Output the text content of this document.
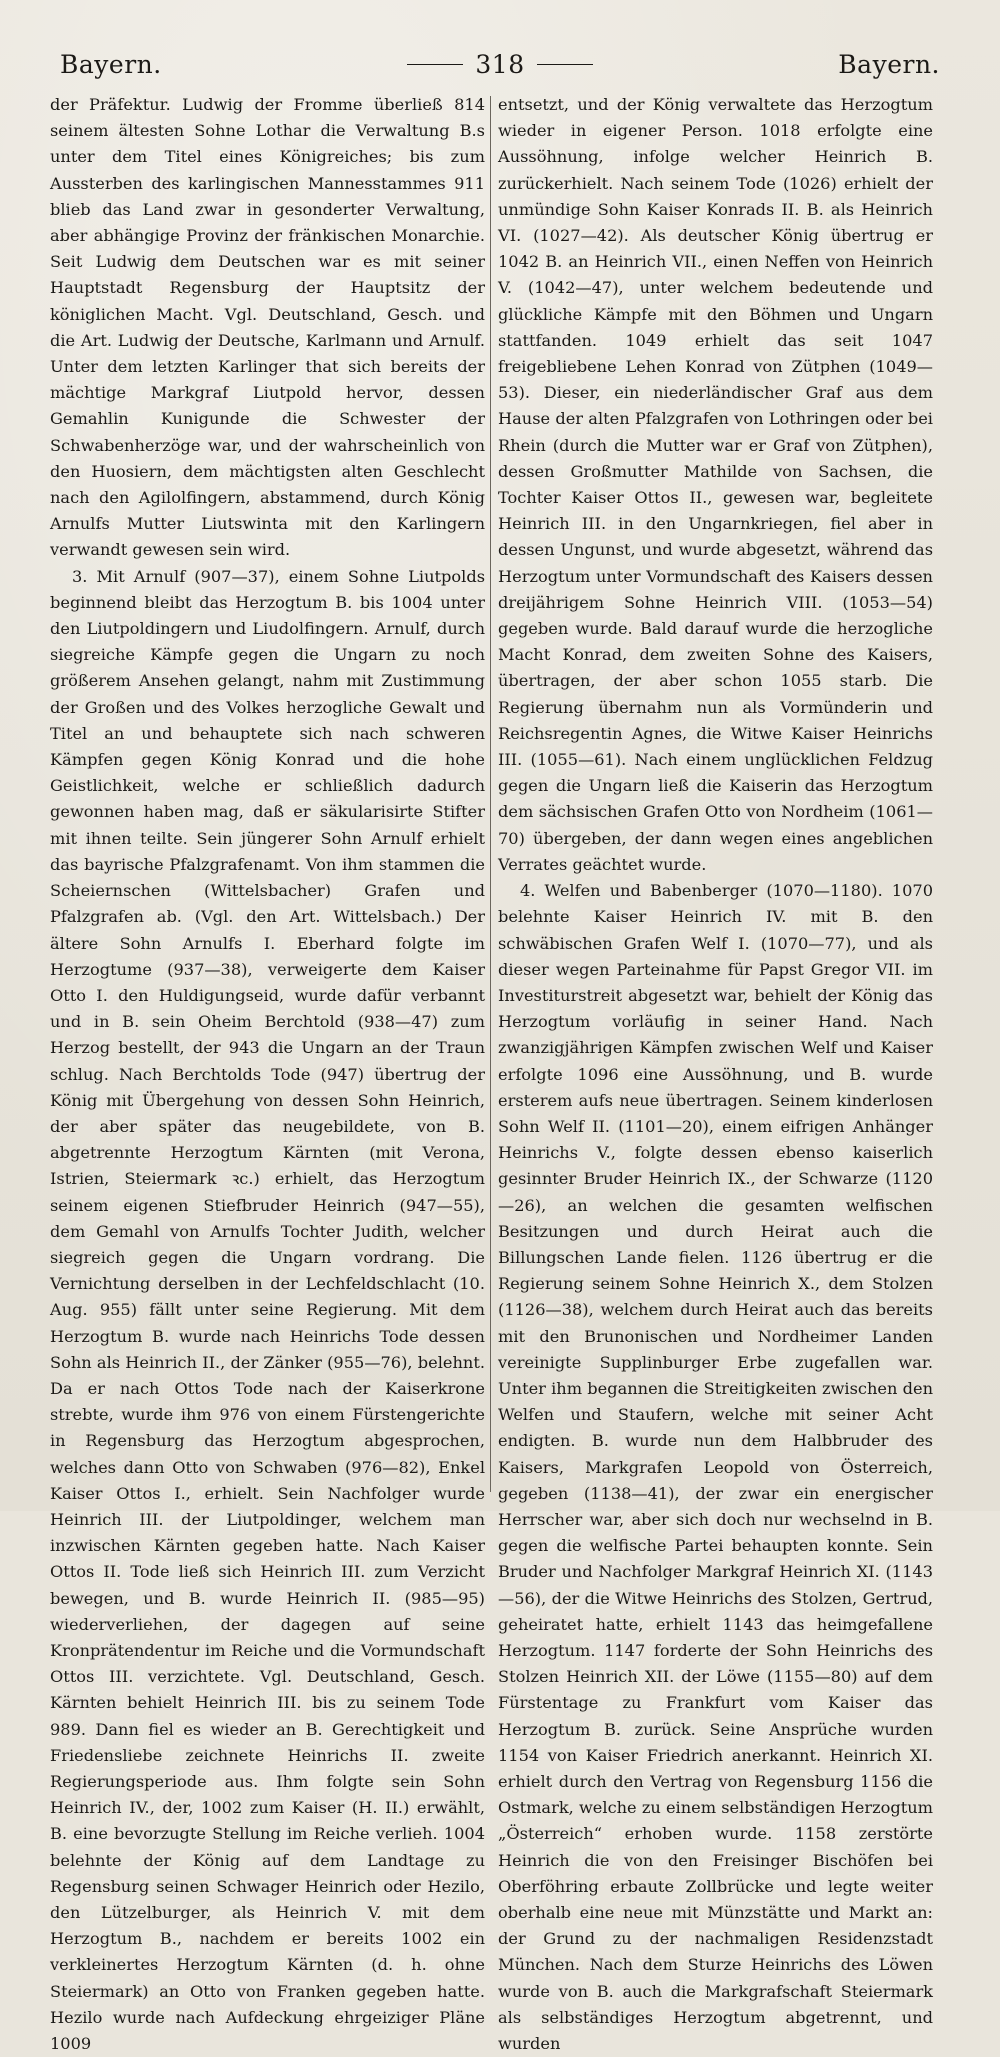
Bayern.	318	Bayern.

der Präfektur. Ludwig der Fromme überließ 814 seinem ältesten Sohne Lothar die Verwaltung B.s unter dem Titel eines Königreiches; bis zum Aussterben des karlingischen Mannesstammes 911 blieb das Land zwar in gesonderter Verwaltung, aber abhängige Provinz der fränkischen Monarchie. Seit Ludwig dem Deutschen war es mit seiner Hauptstadt Regensburg der Hauptsitz der königlichen Macht. Vgl. Deutschland, Gesch. und die Art. Ludwig der Deutsche, Karlmann und Arnulf. Unter dem letzten Karlinger that sich bereits der mächtige Markgraf Liutpold hervor, dessen Gemahlin Kunigunde die Schwester der Schwabenherzöge war, und der wahrscheinlich von den Huosiern, dem mächtigsten alten Geschlecht nach den Agilolfingern, abstammend, durch König Arnulfs Mutter Liutswinta mit den Karlingern verwandt gewesen sein wird.

3. Mit Arnulf (907—37), einem Sohne Liutpolds beginnend bleibt das Herzogtum B. bis 1004 unter den Liutpoldingern und Liudolfingern. Arnulf, durch siegreiche Kämpfe gegen die Ungarn zu noch größerem Ansehen gelangt, nahm mit Zustimmung der Großen und des Volkes herzogliche Gewalt und Titel an und behauptete sich nach schweren Kämpfen gegen König Konrad und die hohe Geistlichkeit, welche er schließlich dadurch gewonnen haben mag, daß er säkularisirte Stifter mit ihnen teilte. Sein jüngerer Sohn Arnulf erhielt das bayrische Pfalzgrafenamt. Von ihm stammen die Scheiernschen (Wittelsbacher) Grafen und Pfalzgrafen ab. (Vgl. den Art. Wittelsbach.) Der ältere Sohn Arnulfs I. Eberhard folgte im Herzogtume (937—38), verweigerte dem Kaiser Otto I. den Huldigungseid, wurde dafür verbannt und in B. sein Oheim Berchtold (938—47) zum Herzog bestellt, der 943 die Ungarn an der Traun schlug. Nach Berchtolds Tode (947) übertrug der König mit Übergehung von dessen Sohn Heinrich, der aber später das neugebildete, von B. abgetrennte Herzogtum Kärnten (mit Verona, Istrien, Steiermark ꝛc.) erhielt, das Herzogtum seinem eigenen Stiefbruder Heinrich (947—55), dem Gemahl von Arnulfs Tochter Judith, welcher siegreich gegen die Ungarn vordrang. Die Vernichtung derselben in der Lechfeldschlacht (10. Aug. 955) fällt unter seine Regierung. Mit dem Herzogtum B. wurde nach Heinrichs Tode dessen Sohn als Heinrich II., der Zänker (955—76), belehnt. Da er nach Ottos Tode nach der Kaiserkrone strebte, wurde ihm 976 von einem Fürstengerichte in Regensburg das Herzogtum abgesprochen, welches dann Otto von Schwaben (976—82), Enkel Kaiser Ottos I., erhielt. Sein Nachfolger wurde Heinrich III. der Liutpoldinger, welchem man inzwischen Kärnten gegeben hatte. Nach Kaiser Ottos II. Tode ließ sich Heinrich III. zum Verzicht bewegen, und B. wurde Heinrich II. (985—95) wiederverliehen, der dagegen auf seine Kronprätendentur im Reiche und die Vormundschaft Ottos III. verzichtete. Vgl. Deutschland, Gesch. Kärnten behielt Heinrich III. bis zu seinem Tode 989. Dann fiel es wieder an B. Gerechtigkeit und Friedensliebe zeichnete Heinrichs II. zweite Regierungsperiode aus. Ihm folgte sein Sohn Heinrich IV., der, 1002 zum Kaiser (H. II.) erwählt, B. eine bevorzugte Stellung im Reiche verlieh. 1004 belehnte der König auf dem Landtage zu Regensburg seinen Schwager Heinrich oder Hezilo, den Lützelburger, als Heinrich V. mit dem Herzogtum B., nachdem er bereits 1002 ein verkleinertes Herzogtum Kärnten (d. h. ohne Steiermark) an Otto von Franken gegeben hatte. Hezilo wurde nach Aufdeckung ehrgeiziger Pläne 1009

entsetzt, und der König verwaltete das Herzogtum wieder in eigener Person. 1018 erfolgte eine Aussöhnung, infolge welcher Heinrich B. zurückerhielt. Nach seinem Tode (1026) erhielt der unmündige Sohn Kaiser Konrads II. B. als Heinrich VI. (1027—42). Als deutscher König übertrug er 1042 B. an Heinrich VII., einen Neffen von Heinrich V. (1042—47), unter welchem bedeutende und glückliche Kämpfe mit den Böhmen und Ungarn stattfanden. 1049 erhielt das seit 1047 freigebliebene Lehen Konrad von Zütphen (1049—53). Dieser, ein niederländischer Graf aus dem Hause der alten Pfalzgrafen von Lothringen oder bei Rhein (durch die Mutter war er Graf von Zütphen), dessen Großmutter Mathilde von Sachsen, die Tochter Kaiser Ottos II., gewesen war, begleitete Heinrich III. in den Ungarnkriegen, fiel aber in dessen Ungunst, und wurde abgesetzt, während das Herzogtum unter Vormundschaft des Kaisers dessen dreijährigem Sohne Heinrich VIII. (1053—54) gegeben wurde. Bald darauf wurde die herzogliche Macht Konrad, dem zweiten Sohne des Kaisers, übertragen, der aber schon 1055 starb. Die Regierung übernahm nun als Vormünderin und Reichsregentin Agnes, die Witwe Kaiser Heinrichs III. (1055—61). Nach einem unglücklichen Feldzug gegen die Ungarn ließ die Kaiserin das Herzogtum dem sächsischen Grafen Otto von Nordheim (1061—70) übergeben, der dann wegen eines angeblichen Verrates geächtet wurde.

4. Welfen und Babenberger (1070—1180). 1070 belehnte Kaiser Heinrich IV. mit B. den schwäbischen Grafen Welf I. (1070—77), und als dieser wegen Parteinahme für Papst Gregor VII. im Investiturstreit abgesetzt war, behielt der König das Herzogtum vorläufig in seiner Hand. Nach zwanzigjährigen Kämpfen zwischen Welf und Kaiser erfolgte 1096 eine Aussöhnung, und B. wurde ersterem aufs neue übertragen. Seinem kinderlosen Sohn Welf II. (1101—20), einem eifrigen Anhänger Heinrichs V., folgte dessen ebenso kaiserlich gesinnter Bruder Heinrich IX., der Schwarze (1120—26), an welchen die gesamten welfischen Besitzungen und durch Heirat auch die Billungschen Lande fielen. 1126 übertrug er die Regierung seinem Sohne Heinrich X., dem Stolzen (1126—38), welchem durch Heirat auch das bereits mit den Brunonischen und Nordheimer Landen vereinigte Supplinburger Erbe zugefallen war. Unter ihm begannen die Streitigkeiten zwischen den Welfen und Staufern, welche mit seiner Acht endigten. B. wurde nun dem Halbbruder des Kaisers, Markgrafen Leopold von Österreich, gegeben (1138—41), der zwar ein energischer Herrscher war, aber sich doch nur wechselnd in B. gegen die welfische Partei behaupten konnte. Sein Bruder und Nachfolger Markgraf Heinrich XI. (1143—56), der die Witwe Heinrichs des Stolzen, Gertrud, geheiratet hatte, erhielt 1143 das heimgefallene Herzogtum. 1147 forderte der Sohn Heinrichs des Stolzen Heinrich XII. der Löwe (1155—80) auf dem Fürstentage zu Frankfurt vom Kaiser das Herzogtum B. zurück. Seine Ansprüche wurden 1154 von Kaiser Friedrich anerkannt. Heinrich XI. erhielt durch den Vertrag von Regensburg 1156 die Ostmark, welche zu einem selbständigen Herzogtum „Österreich“ erhoben wurde. 1158 zerstörte Heinrich die von den Freisinger Bischöfen bei Oberföhring erbaute Zollbrücke und legte weiter oberhalb eine neue mit Münzstätte und Markt an: der Grund zu der nachmaligen Residenzstadt München. Nach dem Sturze Heinrichs des Löwen wurde von B. auch die Markgrafschaft Steiermark als selbständiges Herzogtum abgetrennt, und wurden
